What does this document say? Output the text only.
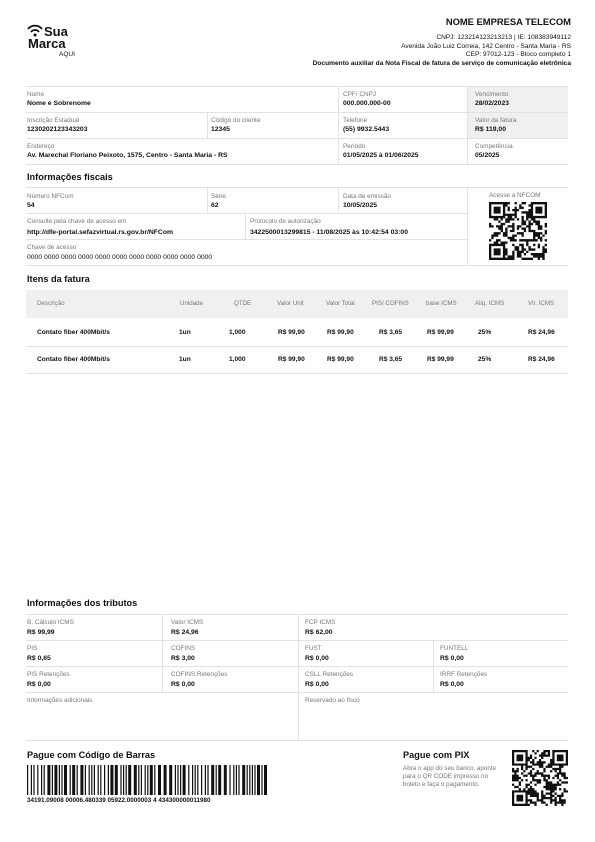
Sua
Marca
AQUI
NOME EMPRESA TELECOM
CNPJ: 123214123213213 | IE: 108383949112
Avenida João Luiz Correia, 142 Centro - Santa Maria - RS
CEP: 97012-123 - Bloco completo 1
Documento auxiliar da Nota Fiscal de fatura de serviço de comunicação eletrônica
Nome
Nome e Sobrenome
CPF/ CNPJ
000.000.000-00
Vencimento
28/02/2023
Inscrição Estadual
1230202123343203
Código do cliente
12345
Telefone
(55) 9932.5443
Valor da fatura
R$ 119,00
Endereço
Av. Marechal Floriano Peixoto, 1575, Centro - Santa Maria - RS
Período
01/05/2025 à 01/06/2025
Competência
05/2025
Informações fiscais
Número NFCom
54
Série
62
Data de emissão
10/05/2025
Consulte pela chave de acesso em
http://dfe-portal.sefazvirtual.rs.gov.br/NFCom
Protocolo de autorização
3422500013299815 - 11/08/2025 às 10:42:54 03:00
Chave de acesso
0000 0000 0000 0000 0000 0000 0000 0000 0000 0000 0000
Acesse a NFCOM
Itens da fatura
Descrição	Unidade	QTDE	Valor Unit	Valor Total	PIS/ COFINS	base ICMS	Aliq. ICMS	Vlr. ICMS
Contato fiber 400Mbit/s	1un	1,000	R$ 99,90	R$ 99,90	R$ 3,65	R$ 99,99	25%	R$ 24,96
Contato fiber 400Mbit/s	1un	1,000	R$ 99,90	R$ 99,90	R$ 3,65	R$ 99,99	25%	R$ 24,96
Informações dos tributos
B. Cálculo ICMS
R$ 99,99
Valor ICMS
R$ 24,96
FCP ICMS
R$ 62,00
PIS
R$ 0,65
COFINS
R$ 3,00
FUST
R$ 0,00
FUNTELL
R$ 0,00
PIS Retenções
R$ 0,00
COFINS Retenções
R$ 0,00
CSLL Retenções
R$ 0,00
IRRF Retenções
R$ 0,00
Informações adicionais	Reservado ao fisco
Pague com Código de Barras
34191.09008 00006.480339 05922.0000003 4 434300000011980
Pague com PIX
Abra o app do seu banco, aponte para o QR CODE impresso no boleto e faça o pagamento.
